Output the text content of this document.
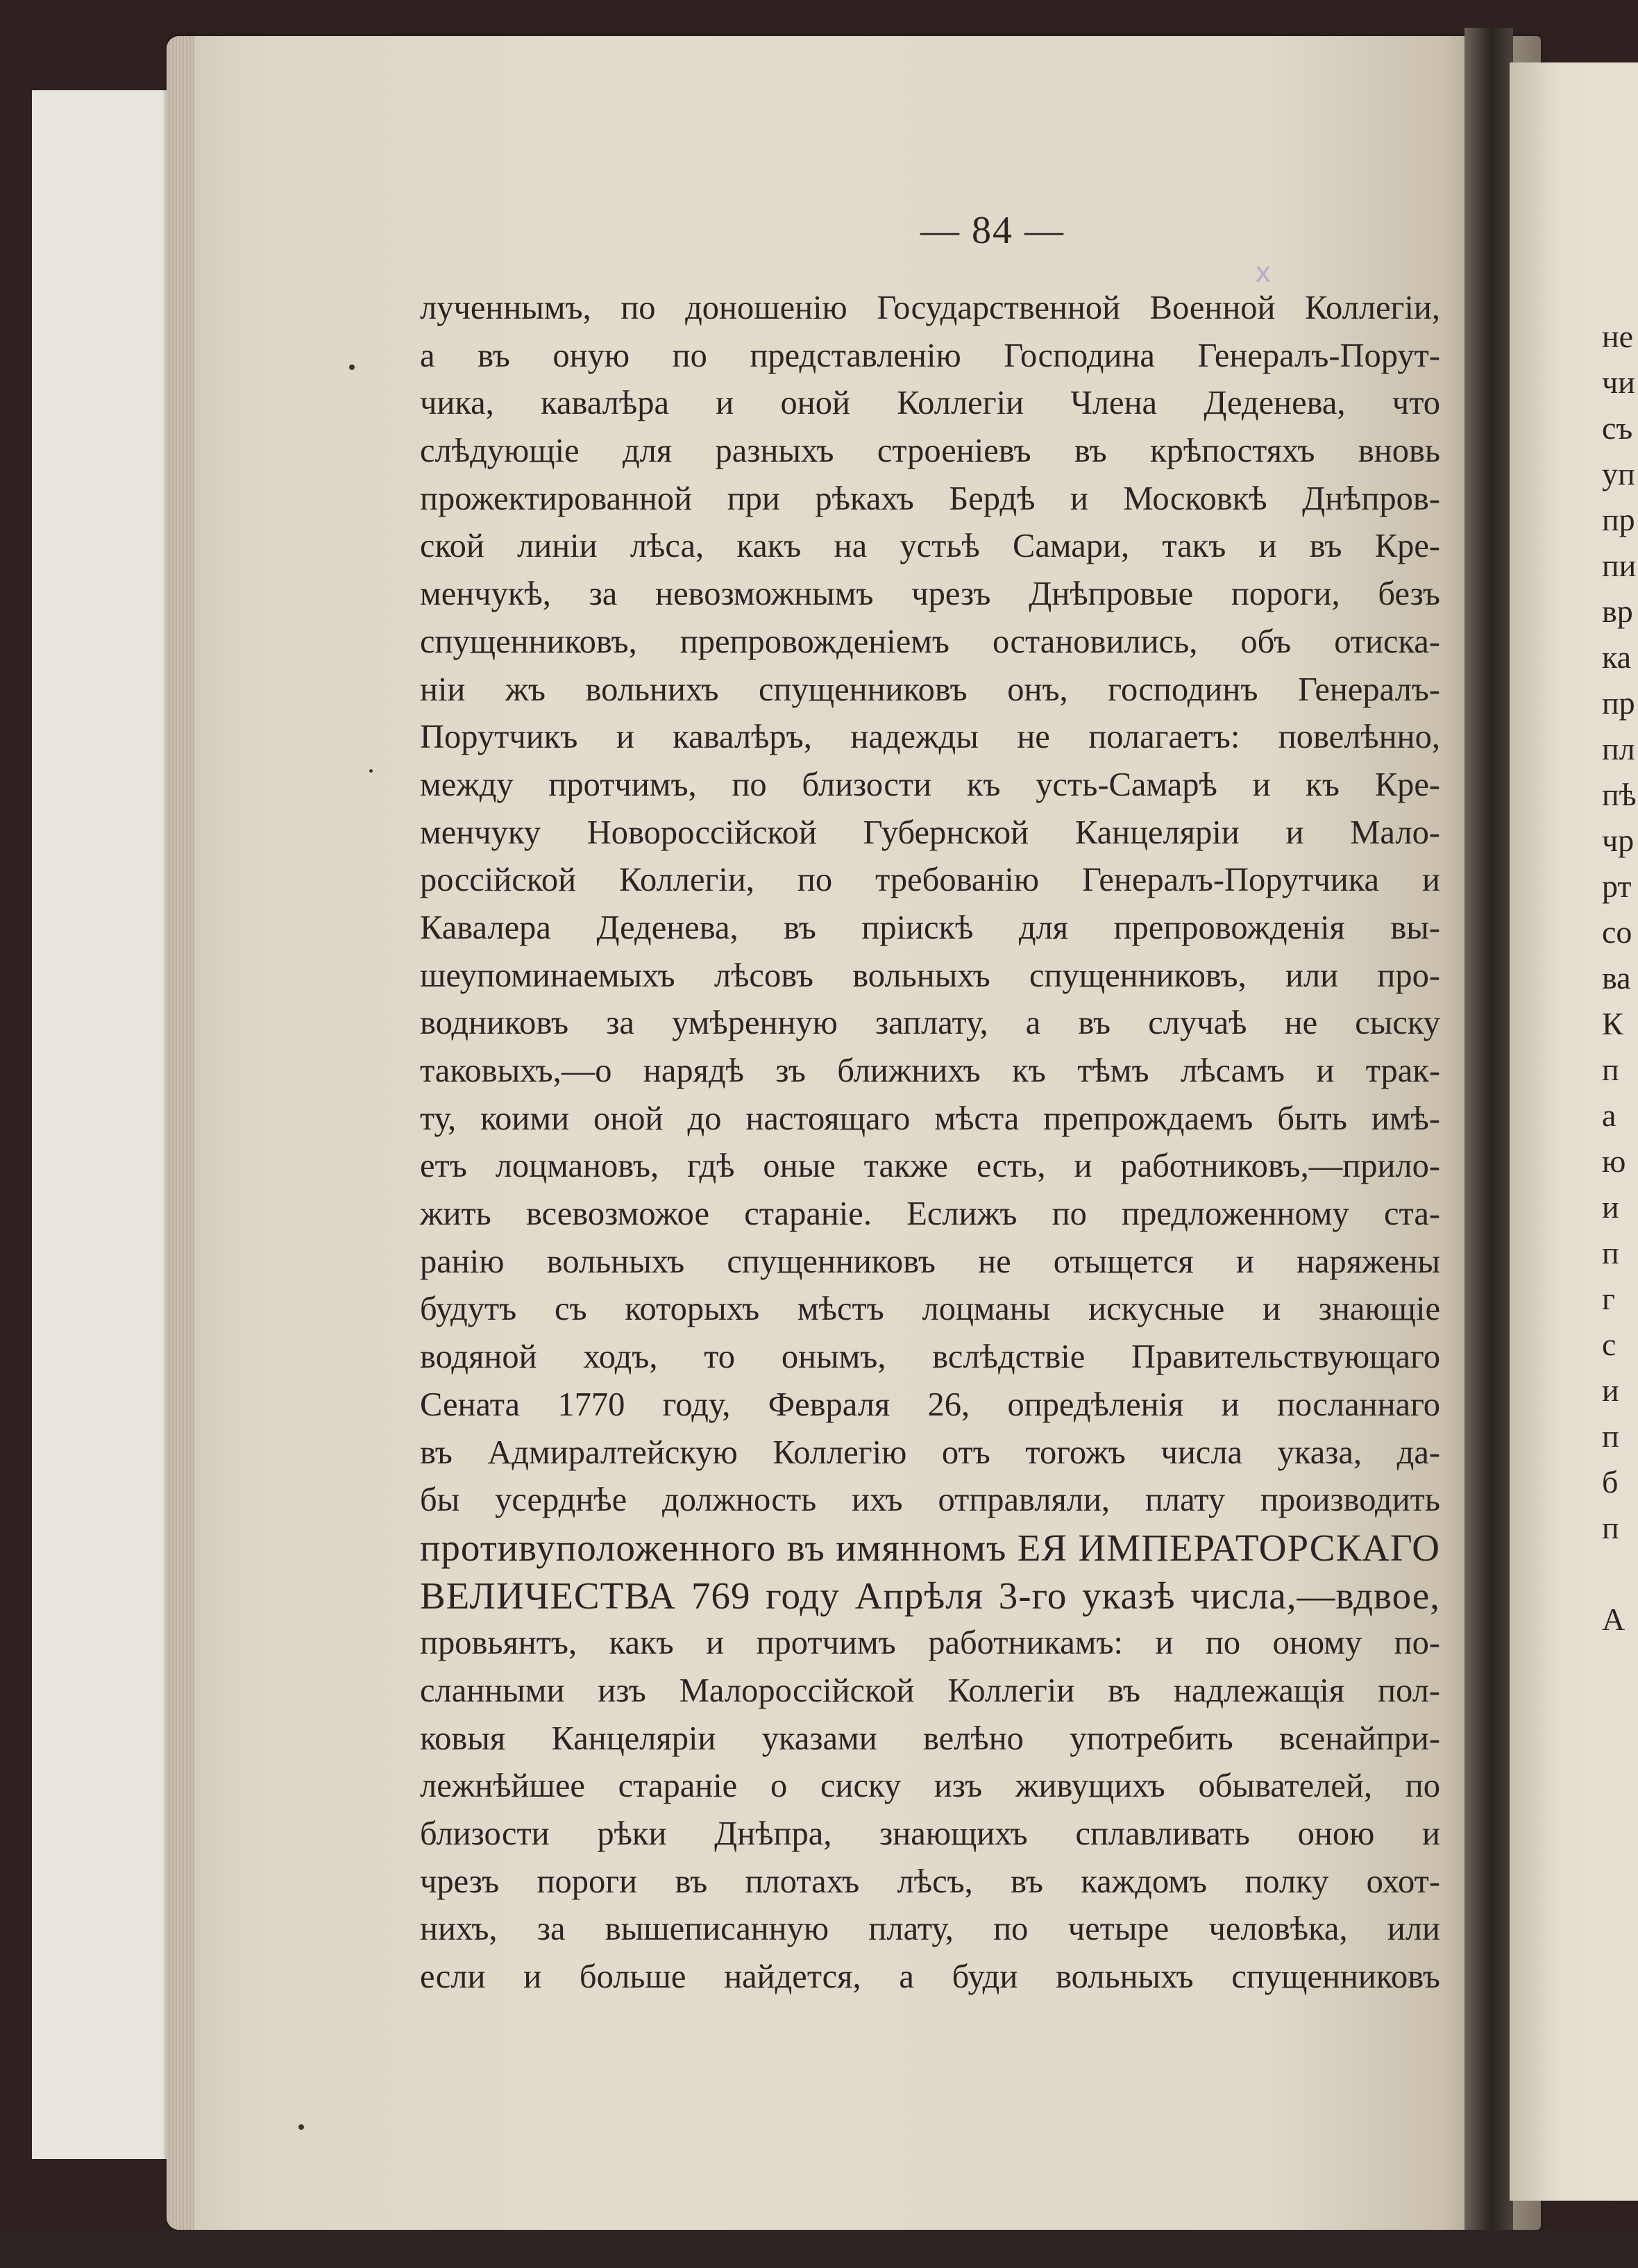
— 84 —
x
лученнымъ, по доношенію Государственной Военной Коллегіи,
а въ оную по представленію Господина Генералъ-Порут-
чика, кавалѣра и оной Коллегіи Члена Деденева, что
слѣдующіе для разныхъ строеніевъ въ крѣпостяхъ вновь
прожектированной при рѣкахъ Бердѣ и Московкѣ Днѣпров-
ской линіи лѣса, какъ на устьѣ Самари, такъ и въ Кре-
менчукѣ, за невозможнымъ чрезъ Днѣпровые пороги, безъ
спущенниковъ, препровожденіемъ остановились, объ отиска-
ніи жъ вольнихъ спущенниковъ онъ, господинъ Генералъ-
Порутчикъ и кавалѣръ, надежды не полагаетъ: повелѣнно,
между протчимъ, по близости къ усть-Самарѣ и къ Кре-
менчуку Новороссійской Губернской Канцеляріи и Мало-
россійской Коллегіи, по требованію Генералъ-Порутчика и
Кавалера Деденева, въ пріискѣ для препровожденія вы-
шеупоминаемыхъ лѣсовъ вольныхъ спущенниковъ, или про-
водниковъ за умѣренную заплату, а въ случаѣ не сыску
таковыхъ,—о нарядѣ зъ ближнихъ къ тѣмъ лѣсамъ и трак-
ту, коими оной до настоящаго мѣста препрождаемъ быть имѣ-
етъ лоцмановъ, гдѣ оные также есть, и работниковъ,—прило-
жить всевозможое стараніе. Еслижъ по предложенному ста-
ранію вольныхъ спущенниковъ не отыщется и наряжены
будутъ съ которыхъ мѣстъ лоцманы искусные и знающіе
водяной ходъ, то онымъ, вслѣдствіе Правительствующаго
Сената 1770 году, Февраля 26, опредѣленія и посланнаго
въ Адмиралтейскую Коллегію отъ тогожъ числа указа, да-
бы усерднѣе должность ихъ отправляли, плату производить
противуположенного въ имянномъ ЕЯ ИМПЕРАТОРСКАГО
ВЕЛИЧЕСТВА 769 году Апрѣля 3-го указѣ числа,—вдвое,
провьянтъ, какъ и протчимъ работникамъ: и по оному по-
сланными изъ Малороссійской Коллегіи въ надлежащія пол-
ковыя Канцеляріи указами велѣно употребить всенайпри-
лежнѣйшее стараніе о сиску изъ живущихъ обывателей, по
близости рѣки Днѣпра, знающихъ сплавливать оною и
чрезъ пороги въ плотахъ лѣсъ, въ каждомъ полку охот-
нихъ, за вышеписанную плату, по четыре человѣка, или
если и больше найдется, а буди вольныхъ спущенниковъ
не
чи
съ
уп
пр
пи
вр
ка
пр
пл
пѣ
чр
рт
со
ва
К
п
а
ю
и
п
г
с
и
п
б
п
А
